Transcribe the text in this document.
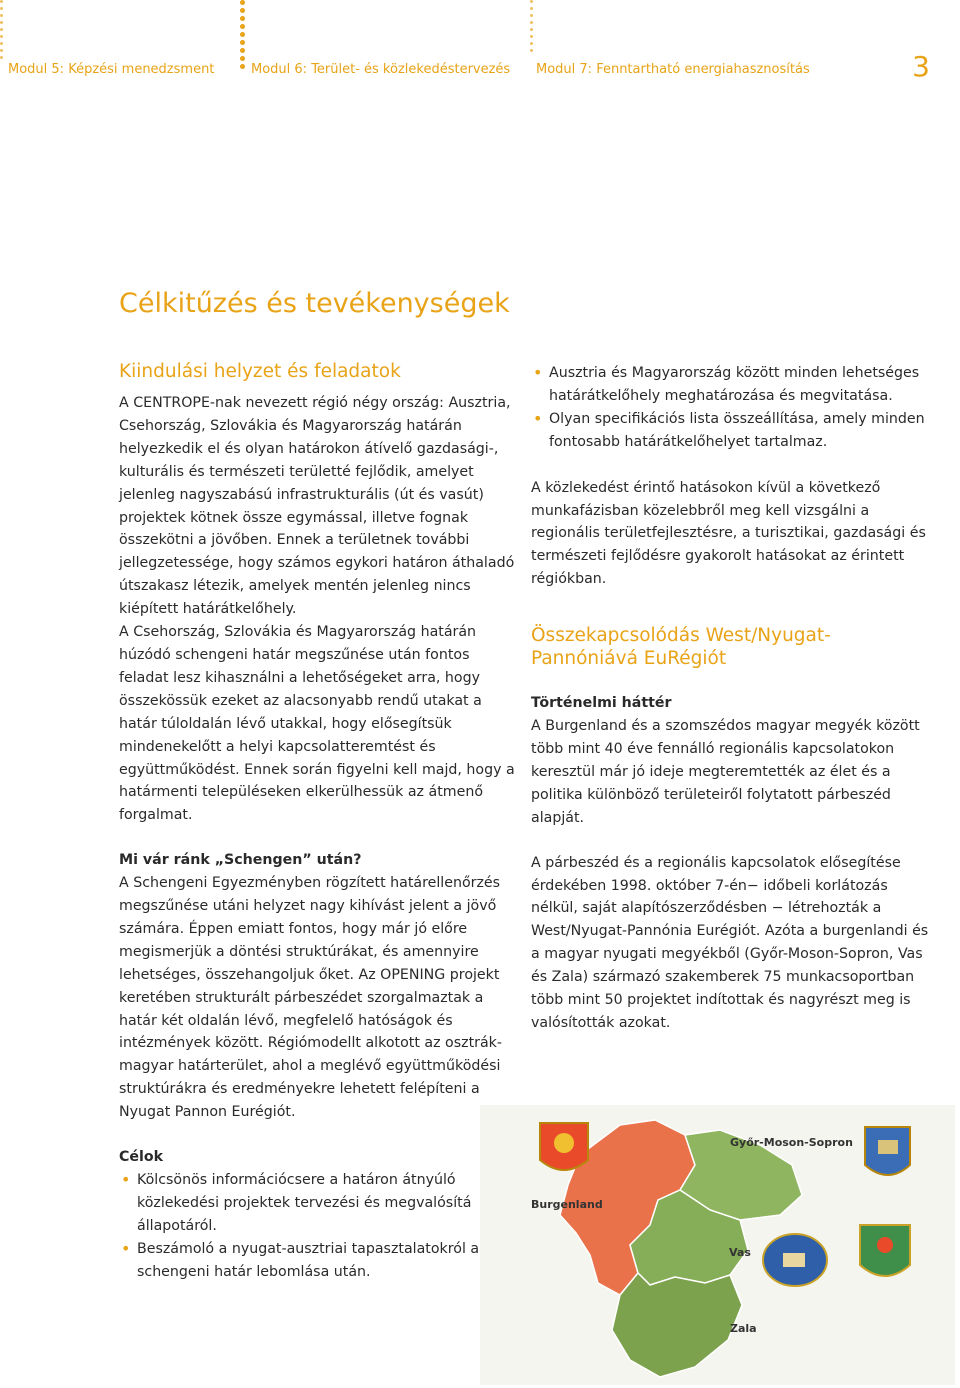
Modul 5: Képzési menedzsment	Modul 6: Terület- és közlekedéstervezés Modul 7: Fenntartható energiahasznosítás	3
Célkitűzés és tevékenységek

Kiindulási helyzet és feladatok

A CENTROPE-nak nevezett régió négy ország: Ausztria, Csehország, Szlovákia és Magyarország határán helyezkedik el és olyan határokon átívelő gazdasági-, kulturális és természeti területté fejlődik, amelyet jelenleg nagyszabású infrastrukturális (út és vasút) projektek kötnek össze egymással, illetve fognak összekötni a jövőben. Ennek a területnek további jellegzetessége, hogy számos egykori határon áthaladó útszakasz létezik, amelyek mentén jelenleg nincs kiépített határátkelőhely.

A Csehország, Szlovákia és Magyarország határán húzódó schengeni határ megszűnése után fontos feladat lesz kihasználni a lehetőségeket arra, hogy összekössük ezeket az alacsonyabb rendű utakat a határ túloldalán lévő utakkal, hogy elősegítsük mindenekelőtt a helyi kapcsolatteremtést és együttműködést. Ennek során figyelni kell majd, hogy a határmenti településeken elkerülhessük az átmenő forgalmat.

Mi vár ránk „Schengen” után?

A Schengeni Egyezményben rögzített határellenőrzés megszűnése utáni helyzet nagy kihívást jelent a jövő számára. Éppen emiatt fontos, hogy már jó előre megismerjük a döntési struktúrákat, és amennyire lehetséges, összehangoljuk őket. Az OPENING projekt keretében strukturált párbeszédet szorgalmaztak a határ két oldalán lévő, megfelelő hatóságok és intézmények között. Régiómodellt alkotott az osztrák-magyar határterület, ahol a meglévő együttműködési struktúrákra és eredményekre lehetett felépíteni a Nyugat Pannon Eurégiót.

Célok

• Kölcsönös információcsere a határon átnyúló közlekedési projektek tervezési és megvalósítá állapotáról.
• Beszámoló a nyugat-ausztriai tapasztalatokról a schengeni határ lebomlása után.
• Ausztria és Magyarország között minden lehetséges határátkelőhely meghatározása és megvitatása.
• Olyan specifikációs lista összeállítása, amely minden fontosabb határátkelőhelyet tartalmaz.

A közlekedést érintő hatásokon kívül a következő munkafázisban közelebbről meg kell vizsgálni a regionális területfejlesztésre, a turisztikai, gazdasági és természeti fejlődésre gyakorolt hatásokat az érintett régiókban.

Összekapcsolódás West/Nyugat-Pannóniává EuRégiót

Történelmi háttér

A Burgenland és a szomszédos magyar megyék között több mint 40 éve fennálló regionális kapcsolatokon keresztül már jó ideje megteremtették az élet és a politika különböző területeiről folytatott párbeszéd alapját.

A párbeszéd és a regionális kapcsolatok elősegítése érdekében 1998. október 7-én− időbeli korlátozás nélkül, saját alapítószerződésben − létrehozták a West/Nyugat-Pannónia Eurégiót. Azóta a burgenlandi és a magyar nyugati megyékből (Győr-Moson-Sopron, Vas és Zala) származó szakemberek 75 munkacsoportban több mint 50 projektet indítottak és nagyrészt meg is valósították azokat.

Győr-Moson-Sopron
Burgenland
Vas
Zala
